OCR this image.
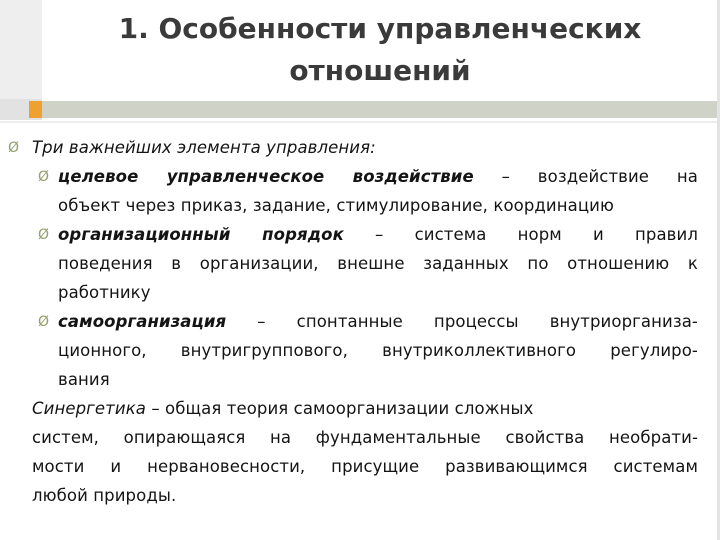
1. Особенности управленческих
отношений
Ø Три важнейших элемента управления:
Ø целевое управленческое воздействие – воздействие на
объект через приказ, задание, стимулирование, координацию
Ø организационный порядок – система норм и правил
поведения в организации, внешне заданных по отношению к
работнику
Ø самоорганизация – спонтанные процессы внутриорганиза-
ционного, внутригруппового, внутриколлективного регулиро-
вания
Синергетика – общая теория самоорганизации сложных
систем, опирающаяся на фундаментальные свойства необрати-
мости и нервановесности, присущие развивающимся системам
любой природы.
